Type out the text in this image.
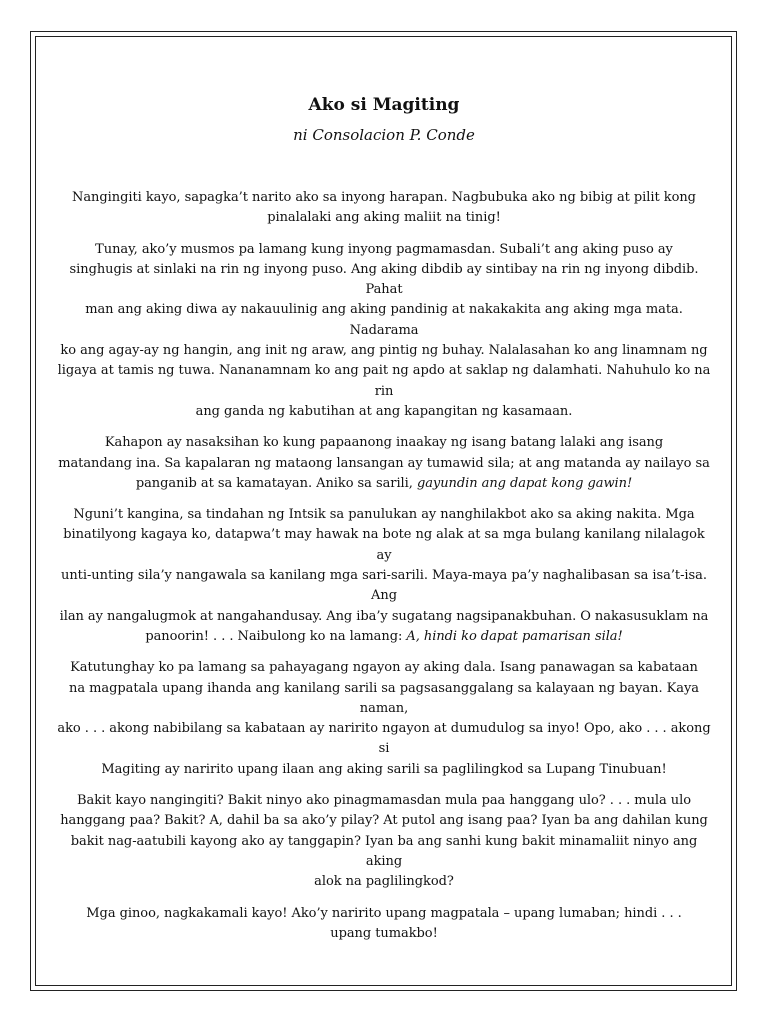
Ako si Magiting

ni Consolacion P. Conde

Nangingiti kayo, sapagka’t narito ako sa inyong harapan. Nagbubuka ako ng bibig at pilit kong
pinalalaki ang aking maliit na tinig!

Tunay, ako’y musmos pa lamang kung inyong pagmamasdan. Subali’t ang aking puso ay
singhugis at sinlaki na rin ng inyong puso. Ang aking dibdib ay sintibay na rin ng inyong dibdib. Pahat
man ang aking diwa ay nakauulinig ang aking pandinig at nakakakita ang aking mga mata. Nadarama
ko ang agay-ay ng hangin, ang init ng araw, ang pintig ng buhay. Nalalasahan ko ang linamnam ng
ligaya at tamis ng tuwa. Nananamnam ko ang pait ng apdo at saklap ng dalamhati. Nahuhulo ko na rin
ang ganda ng kabutihan at ang kapangitan ng kasamaan.

Kahapon ay nasaksihan ko kung papaanong inaakay ng isang batang lalaki ang isang
matandang ina. Sa kapalaran ng mataong lansangan ay tumawid sila; at ang matanda ay nailayo sa
panganib at sa kamatayan. Aniko sa sarili, gayundin ang dapat kong gawin!

Nguni’t kangina, sa tindahan ng Intsik sa panulukan ay nanghilakbot ako sa aking nakita. Mga
binatilyong kagaya ko, datapwa’t may hawak na bote ng alak at sa mga bulang kanilang nilalagok ay
unti-unting sila’y nangawala sa kanilang mga sari-sarili. Maya-maya pa’y naghalibasan sa isa’t-isa. Ang
ilan ay nangalugmok at nangahandusay. Ang iba’y sugatang nagsipanakbuhan. O nakasusuklam na
panoorin! . . . Naibulong ko na lamang: A, hindi ko dapat pamarisan sila!

Katutunghay ko pa lamang sa pahayagang ngayon ay aking dala. Isang panawagan sa kabataan
na magpatala upang ihanda ang kanilang sarili sa pagsasanggalang sa kalayaan ng bayan. Kaya naman,
ako . . . akong nabibilang sa kabataan ay naririto ngayon at dumudulog sa inyo! Opo, ako . . . akong si
Magiting ay naririto upang ilaan ang aking sarili sa paglilingkod sa Lupang Tinubuan!

Bakit kayo nangingiti? Bakit ninyo ako pinagmamasdan mula paa hanggang ulo? . . . mula ulo
hanggang paa? Bakit? A, dahil ba sa ako’y pilay? At putol ang isang paa? Iyan ba ang dahilan kung
bakit nag-aatubili kayong ako ay tanggapin? Iyan ba ang sanhi kung bakit minamaliit ninyo ang aking
alok na paglilingkod?

Mga ginoo, nagkakamali kayo! Ako’y naririto upang magpatala – upang lumaban; hindi . . .
upang tumakbo!
